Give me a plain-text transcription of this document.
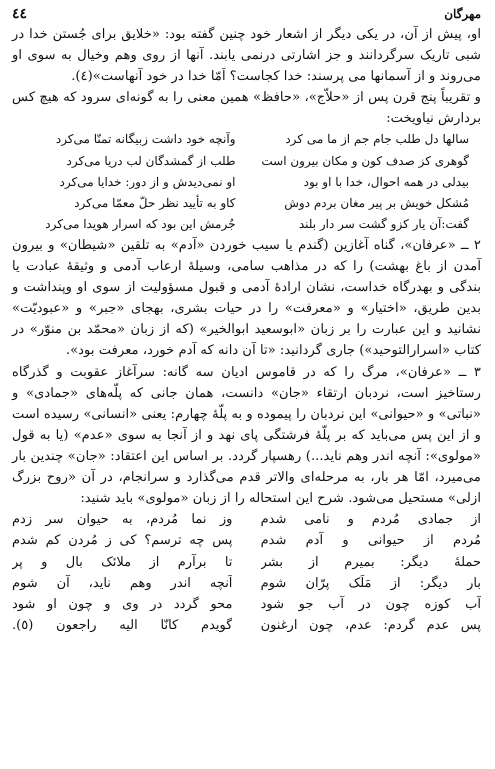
مهرگان
٤٤

او، پیش از آن، در یکی دیگر از اشعار خود چنین گفته بود: «خلایق برای جُستن خدا در شبی تاریک سرگردانند و جز اشارتی درنمی یابند. آنها از روی وهم وخیال به سوی او می‌روند و از آسمانها می پرسند: خدا کجاست؟ اَمّا خدا در خود آنهاست»(٤).

و تقریباً پنج قرن پس از «حلاّج»، «حافظ» همین معنی را به گونه‌ای سرود که هیچ کس بردارش نیاویخت:

سالها دل طلب جام جم از ما می کرد
گوهری کز صدف کون و مکان بیرون است
بیدلی در همه احوال، خدا با او بود
مُشکل خویش بر پیر مغان بردم دوش
گفت:آن یار کزو گشت سر دار بلند
وآنچه خود داشت زبیگانه تمنّا می‌کرد
طلب از گمشدگان لب دریا می‌کرد
او نمی‌دیدش و از دور: خدایا می‌کرد
کاو به تأیید نظر حلّ معمّا می‌کرد
جُرمش این بود که اسرار هویدا می‌کرد

٢ ــ «عرفان»، گناه آغازین (گندم یا سیب خوردن «آدم» به تلقین «شیطان» و بیرون آمدن از باغ بهشت) را که در مذاهب سامی، وسیلهٔ ارعاب آدمی و وثیقهٔ عبادت یا بندگی و بهدرگاه خداست، نشان ارادهٔ آدمی و قبول مسؤولیت از سوی او وپنداشت و بدین طریق، «اختیار» و «معرفت» را در حیات بشری، بهجای «جبر» و «عبودیّت» نشانید و این عبارت را بر زبان «ابوسعید ابوالخیر» (که از زبان «محمّد بن منوّر» در کتاب «اسرارالتوحید») جاری گردانید: «تا آن دانه که آدم خورد، معرفت بود».

٣ ــ «عرفان»، مرگ را که در قاموس ادیان سه گانه: سرآغاز عقوبت و گذرگاه رستاخیز است، نردبان ارتقاء «جان» دانست، همان جانی که پلّه‌های «جمادی» و «نباتی» و «حیوانی» این نردبان را پیموده و به پلّهٔ چهارم: یعنی «انسانی» رسیده است و از این پس می‌باید که بر پلّهٔ فرشتگی پای نهد و از آنجا به سوی «عدم» (یا به قول «مولوی»: آنچه اندر وهم ناید...) رهسپار گردد. بر اساس این اعتقاد: «جان» چندین بار می‌میرد، امّا هر بار، به مرحله‌ای والاتر قدم می‌گذارد و سرانجام، در آن «روح بزرگ ازلی» مستحیل می‌شود. شرح این استحاله را از زبان «مولوی» باید شنید:

از جمادی مُردم و نامی شدم
مُردم از حیوانی و آدم شدم
حملهٔ دیگر: بمیرم از بشر
بار دیگر: از مَلَک پرّان شوم
آب کوزه چون در آب جو شود
پس عدم گردم: عدم، چون ارغنون
وز نما مُردم، به حیوان سر زدم
پس چه ترسم؟ کی ز مُردن کم شدم
تا برآرم از ملائک بال و پر
آنچه اندر وهم ناید، آن شوم
محو گردد در وی و چون او شود
گویدم کانّا الیه راجعون (٥).
